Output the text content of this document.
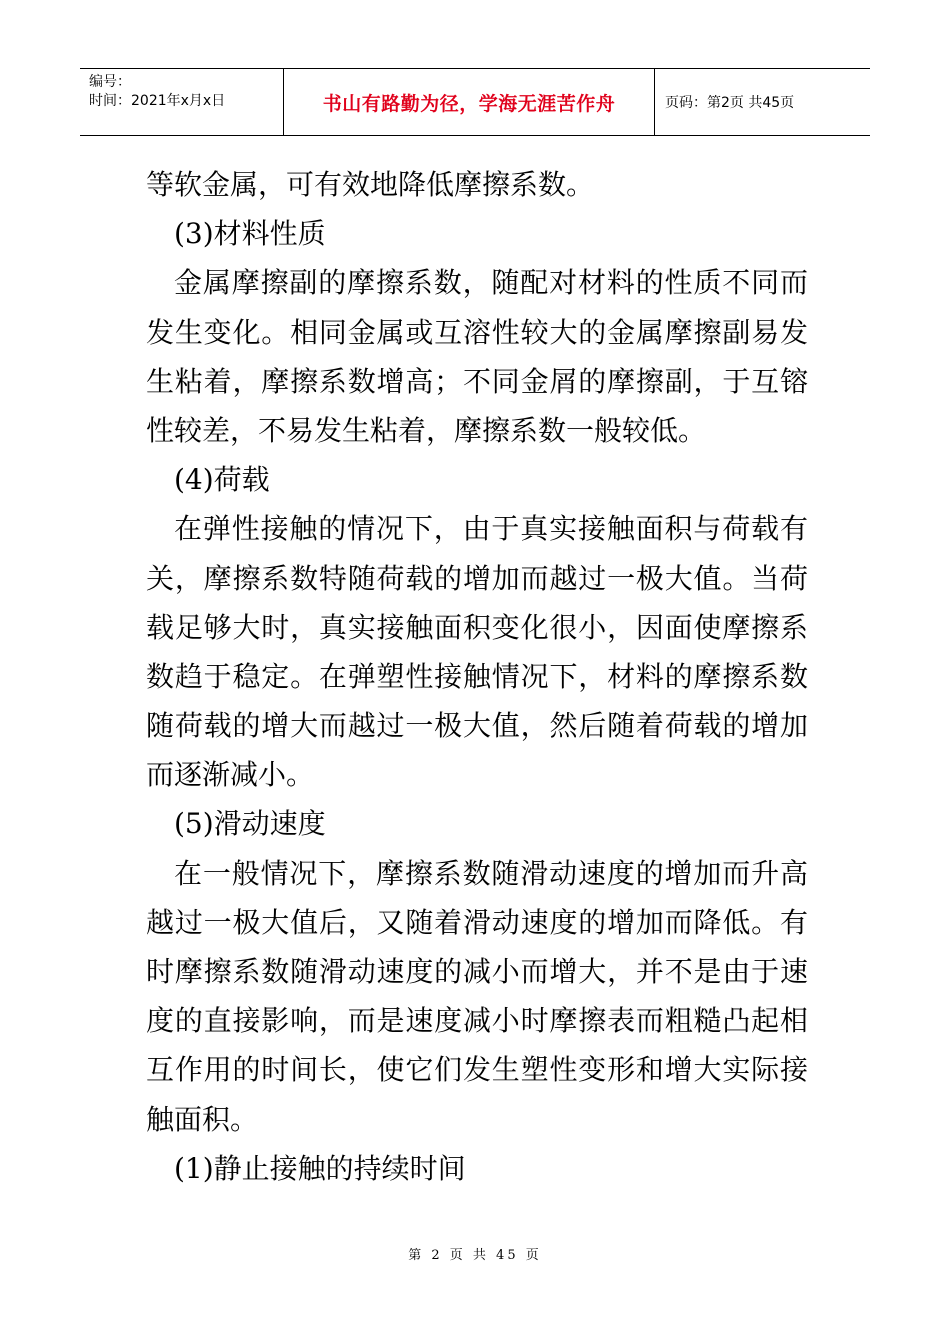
编号：
时间：2021年x月x日	书山有路勤为径，学海无涯苦作舟	页码：第2页 共45页
等软金属，可有效地降低摩擦系数。
(3)材料性质
金属摩擦副的摩擦系数，随配对材料的性质不同而
发生变化。相同金属或互溶性较大的金属摩擦副易发
生粘着，摩擦系数增高；不同金屑的摩擦副，于互镕
性较差，不易发生粘着，摩擦系数一般较低。
(4)荷载
在弹性接触的情况下，由于真实接触面积与荷载有
关，摩擦系数特随荷载的增加而越过一极大值。当荷
载足够大时，真实接触面积变化很小，因面使摩擦系
数趋于稳定。在弹塑性接触情况下，材料的摩擦系数
随荷载的增大而越过一极大值，然后随着荷载的增加
而逐渐减小。
(5)滑动速度
在一般情况下，摩擦系数随滑动速度的增加而升高
越过一极大值后，又随着滑动速度的增加而降低。有
时摩擦系数随滑动速度的减小而增大，并不是由于速
度的直接影响，而是速度减小时摩擦表而粗糙凸起相
互作用的时间长，使它们发生塑性变形和增大实际接
触面积。
(1)静止接触的持续时间
第 2 页 共 45 页
